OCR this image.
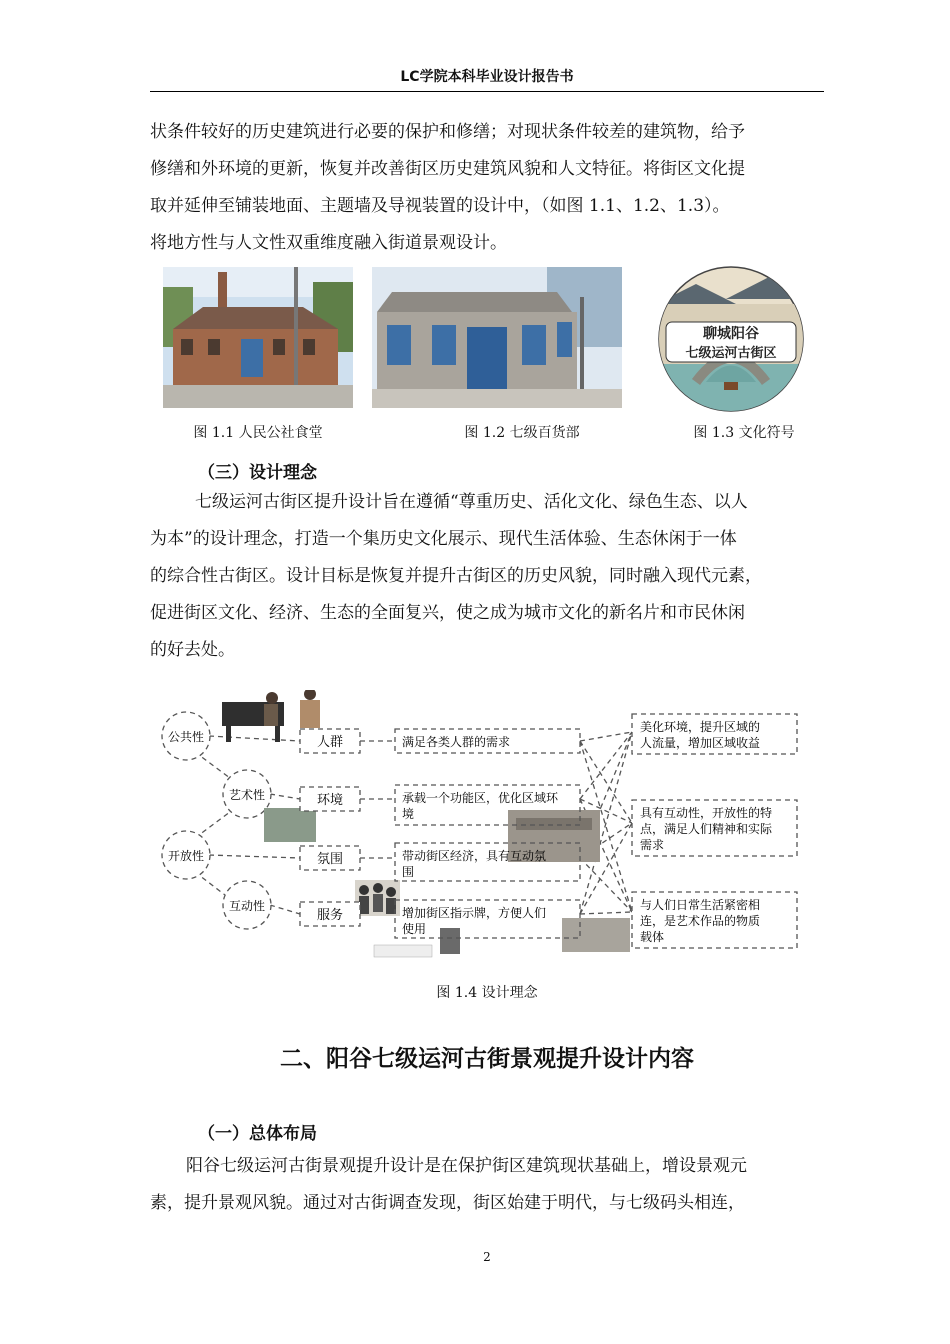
LC学院本科毕业设计报告书
状条件较好的历史建筑进行必要的保护和修缮；对现状条件较差的建筑物，给予
修缮和外环境的更新，恢复并改善街区历史建筑风貌和人文特征。将街区文化提
取并延伸至铺装地面、主题墙及导视装置的设计中，（如图 1.1、1.2、1.3）。
将地方性与人文性双重维度融入街道景观设计。
图 1.1 人民公社食堂	图 1.2 七级百货部
聊城阳谷
七级运河古街区
图 1.3 文化符号
（三）设计理念
七级运河古街区提升设计旨在遵循“尊重历史、活化文化、绿色生态、以人
为本”的设计理念，打造一个集历史文化展示、现代生活体验、生态休闲于一体
的综合性古街区。设计目标是恢复并提升古街区的历史风貌，同时融入现代元素，
促进街区文化、经济、生态的全面复兴，使之成为城市文化的新名片和市民休闲
的好去处。
公共性
艺术性
开放性
互动性
人群
环境
氛围
服务
满足各类人群的需求
承载一个功能区，优化区域环
境
带动街区经济，具有互动氛
围
增加街区指示牌，方便人们
使用
美化环境，提升区域的
人流量，增加区域收益
具有互动性，开放性的特
点，满足人们精神和实际
需求
与人们日常生活紧密相
连，是艺术作品的物质
载体
图 1.4 设计理念
二、阳谷七级运河古街景观提升设计内容
（一）总体布局
阳谷七级运河古街景观提升设计是在保护街区建筑现状基础上，增设景观元
素，提升景观风貌。通过对古街调查发现，街区始建于明代，与七级码头相连，
2
